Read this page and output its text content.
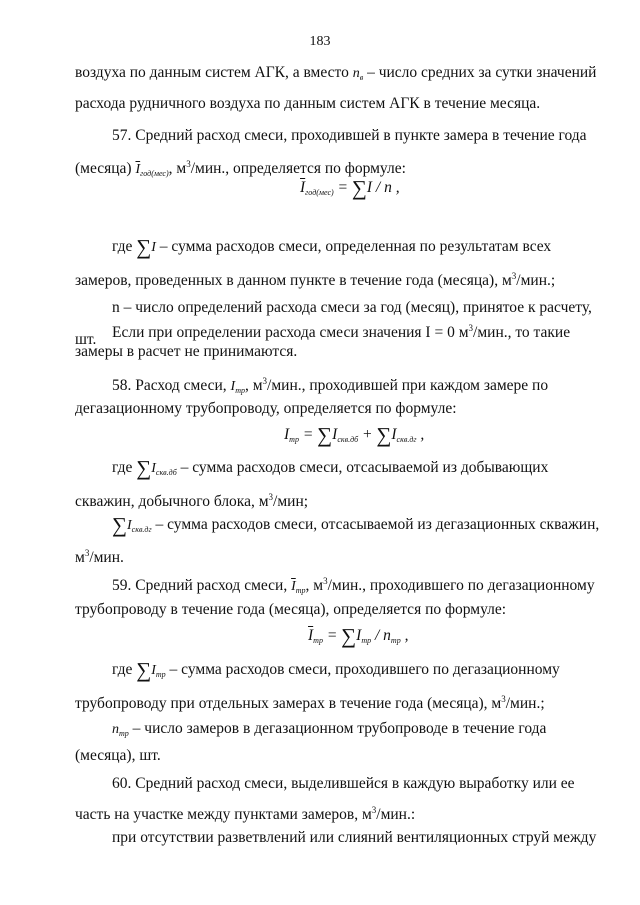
183
воздуха по данным систем АГК, а вместо $n_в$ – число средних за сутки значений
расхода рудничного воздуха по данным систем АГК в течение месяца.
57. Средний расход смеси, проходившей в пункте замера в течение года
(месяца) $\overline{I}_{год(мес)}$, $м^3$/мин., определяется по формуле:
$\overline{I}_{год(мес)} = \sum I / n$ ,
где ∑I – сумма расходов смеси, определенная по результатам всех
замеров, проведенных в данном пункте в течение года (месяца), $м^3$/мин.;
n – число определений расхода смеси за год (месяц), принятое к расчету,
шт.	Если при определении расхода смеси значения I = 0 $м^3$/мин., то такие
замеры в расчет не принимаются.
58. Расход смеси, $I_{тр}$, $м^3$/мин., проходившей при каждом замере по
дегазационному трубопроводу, определяется по формуле:
$I_{тр} = \sum I_{скв.дб} + \sum I_{скв.дг}$ ,
где $\sum I_{скв.дб}$ – сумма расходов смеси, отсасываемой из добывающих
скважин, добычного блока, $м^3$/мин;
$\sum I_{скв.дг}$ – сумма расходов смеси, отсасываемой из дегазационных скважин,
$м^3$/мин.
59. Средний расход смеси, $\overline{I}_{тр}$, $м^3$/мин., проходившего по дегазационному
трубопроводу в течение года (месяца), определяется по формуле:
$\overline{I}_{тр} = \sum I_{тр} / n_{тр}$ ,
где $\sum I_{тр}$ – сумма расходов смеси, проходившего по дегазационному
трубопроводу при отдельных замерах в течение года (месяца), $м^3$/мин.;
$n_{тр}$ – число замеров в дегазационном трубопроводе в течение года
(месяца), шт.
60. Средний расход смеси, выделившейся в каждую выработку или ее
часть на участке между пунктами замеров, $м^3$/мин.:
при отсутствии разветвлений или слияний вентиляционных струй между
